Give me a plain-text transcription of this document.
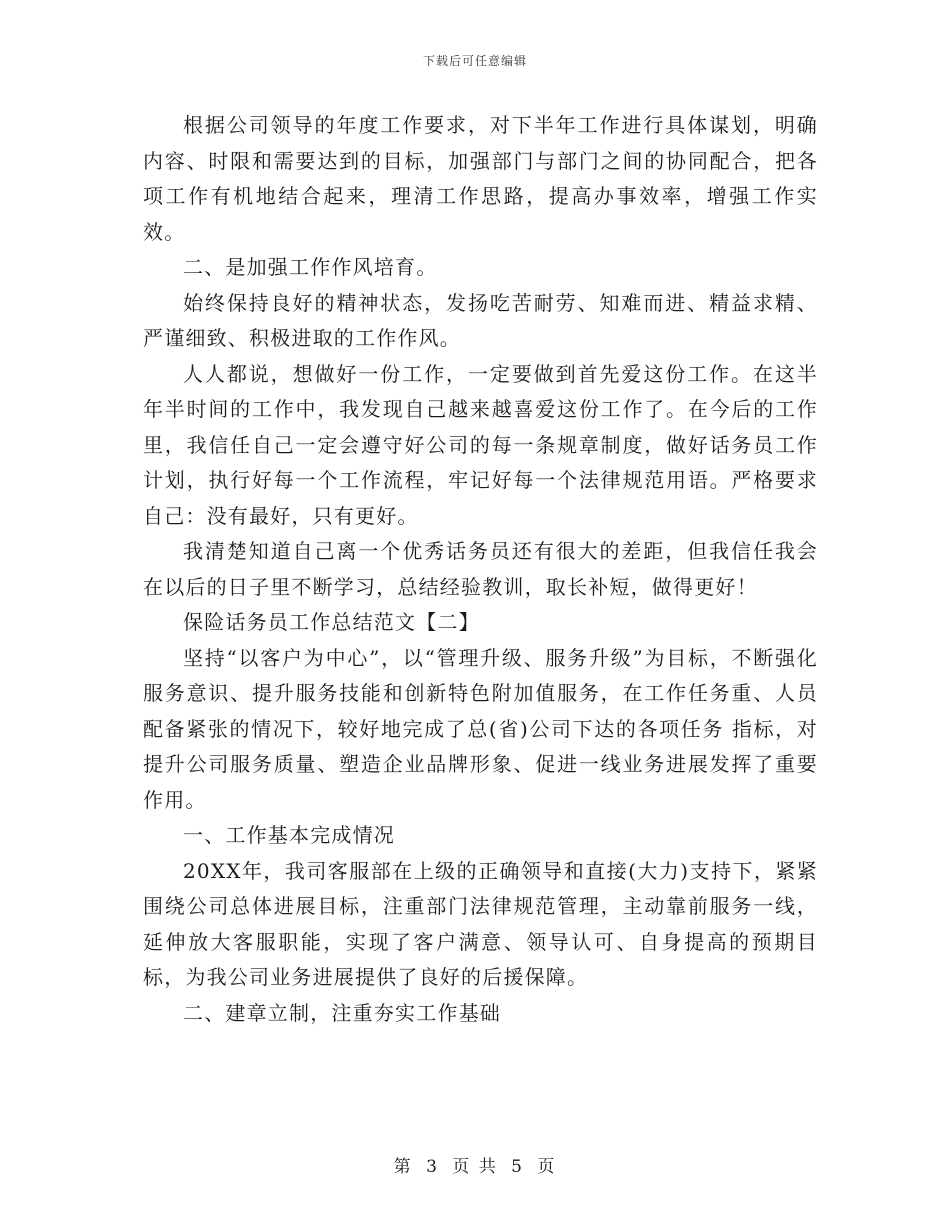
下载后可任意编辑

根据公司领导的年度工作要求，对下半年工作进行具体谋划，明确内容、时限和需要达到的目标，加强部门与部门之间的协同配合，把各项工作有机地结合起来，理清工作思路，提高办事效率，增强工作实效。

二、是加强工作作风培育。

始终保持良好的精神状态，发扬吃苦耐劳、知难而进、精益求精、严谨细致、积极进取的工作作风。

人人都说，想做好一份工作，一定要做到首先爱这份工作。在这半年半时间的工作中，我发现自己越来越喜爱这份工作了。在今后的工作里，我信任自己一定会遵守好公司的每一条规章制度，做好话务员工作计划，执行好每一个工作流程，牢记好每一个法律规范用语。严格要求自己：没有最好，只有更好。

我清楚知道自己离一个优秀话务员还有很大的差距，但我信任我会在以后的日子里不断学习，总结经验教训，取长补短，做得更好！

保险话务员工作总结范文【二】

坚持“以客户为中心”，以“管理升级、服务升级”为目标，不断强化服务意识、提升服务技能和创新特色附加值服务，在工作任务重、人员配备紧张的情况下，较好地完成了总(省)公司下达的各项任务 指标，对提升公司服务质量、塑造企业品牌形象、促进一线业务进展发挥了重要作用。

一、工作基本完成情况

20XX年，我司客服部在上级的正确领导和直接(大力)支持下，紧紧围绕公司总体进展目标，注重部门法律规范管理，主动靠前服务一线，延伸放大客服职能，实现了客户满意、领导认可、自身提高的预期目标，为我公司业务进展提供了良好的后援保障。

二、建章立制，注重夯实工作基础

第 3 页 共 5 页
